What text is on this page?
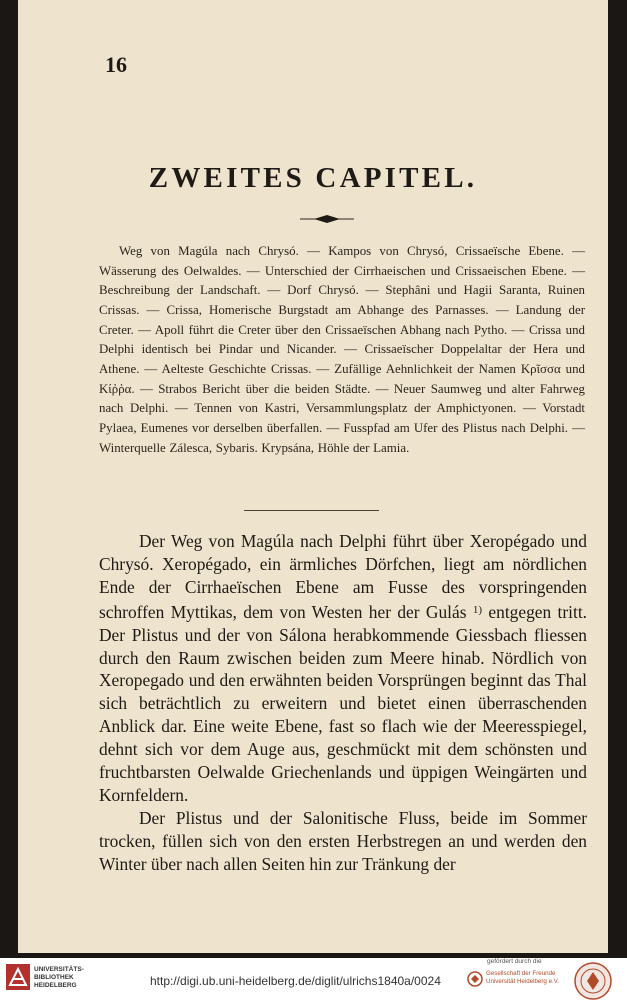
16
ZWEITES CAPITEL.
Weg von Magúla nach Chrysó. — Kampos von Chrysó, Crissaeïsche Ebene. — Wässerung des Oelwaldes. — Unterschied der Cirrhaeischen und Crissaeischen Ebene. — Beschreibung der Landschaft. — Dorf Chrysó. — Stephâni und Hagii Saranta, Ruinen Crissas. — Crissa, Homerische Burgstadt am Abhange des Parnasses. — Landung der Creter. — Apoll führt die Creter über den Crissaeïschen Abhang nach Pytho. — Crissa und Delphi identisch bei Pindar und Nicander. — Crissaeïscher Doppelaltar der Hera und Athene. — Aelteste Geschichte Crissas. — Zufällige Aehnlichkeit der Namen Κρῖσσα und Κίῤῥα. — Strabos Bericht über die beiden Städte. — Neuer Saumweg und alter Fahrweg nach Delphi. — Tennen von Kastri, Versammlungsplatz der Amphictyonen. — Vorstadt Pylaea, Eumenes vor derselben überfallen. — Fusspfad am Ufer des Plistus nach Delphi. — Winterquelle Zálesca, Sybaris. Krypsána, Höhle der Lamia.

Der Weg von Magúla nach Delphi führt über Xeropégado und Chrysó. Xeropégado, ein ärmliches Dörfchen, liegt am nördlichen Ende der Cirrhaeïschen Ebene am Fusse des vorspringenden schroffen Myttikas, dem von Westen her der Gulás $^{1)}$ entgegen tritt. Der Plistus und der von Sálona herabkommende Giessbach fliessen durch den Raum zwischen beiden zum Meere hinab. Nördlich von Xeropegado und den erwähnten beiden Vorsprüngen beginnt das Thal sich beträchtlich zu erweitern und bietet einen überraschenden Anblick dar. Eine weite Ebene, fast so flach wie der Meeresspiegel, dehnt sich vor dem Auge aus, geschmückt mit dem schönsten und fruchtbarsten Oelwalde Griechenlands und üppigen Weingärten und Kornfeldern.

Der Plistus und der Salonitische Fluss, beide im Sommer trocken, füllen sich von den ersten Herbstregen an und werden den Winter über nach allen Seiten hin zur Tränkung der

UNIVERSITÄTS-
BIBLIOTHEK
HEIDELBERG	http://digi.ub.uni-heidelberg.de/diglit/ulrichs1840a/0024
gefördert durch die
Gesellschaft der Freunde
Universität Heidelberg e.V.
